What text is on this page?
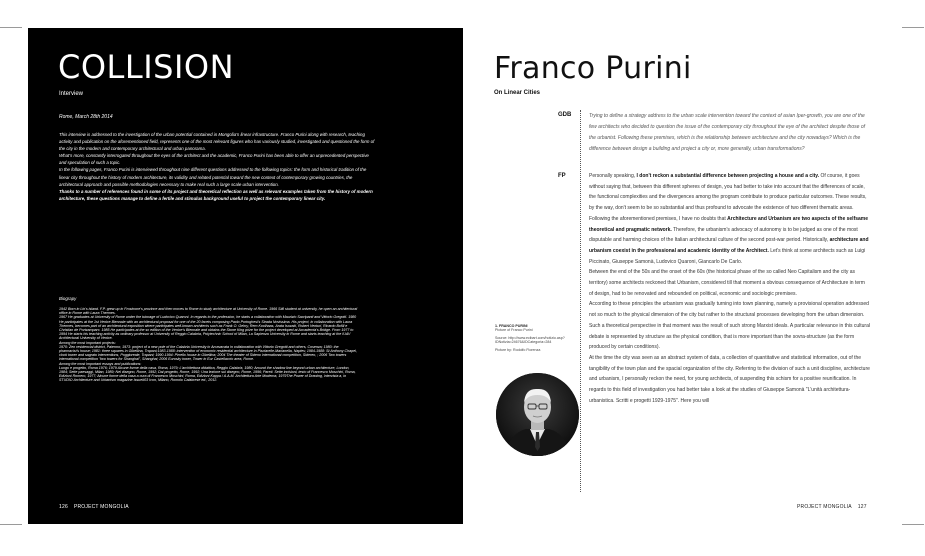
COLLISION
Interview
Rome, March 28th 2014

This interview is addressed to the investigation of the urban potential contained in Mongolia's linear infrastructure. Franco Purini along with research, teaching activity and publication on the aforementioned field, represents one of the most relevant figures who has variously studied, investigated and questioned the form of the city in the modern and contemporary architectural and urban panorama.

What's more, constantly interrogated throughout the eyes of the architect and the academic, Franco Purini has been able to offer an unprecedented perspective and speculation of such a topic.

In the following pages, Franco Purini is interviewed throughout nine different questions addressed to the following topics: the form and historical tradition of the linear city throughout the history of modern architecture, its validity and related potential toward the new context of contemporary growing countries, the architectural approach and possible methodologies necessary to make real such a large scale urban intervention.

Thanks to a number of references found in some of its project and theoretical reflection as well as relevant examples taken from the history of modern architecture, these questions manage to define a fertile and stimulus background useful to project the contemporary linear city.

Biograpy

1942 Born in Lin's island. F.P. grew up in Frosinone's province and then moves to Rome to study architecture at University of Rome. 1966 Still student at university, he open an architectural office in Rome with Laura Thermes.

1967 He graduates at University of Rome under the tutorage of Ludovico Quaroni. In regards to the profession, he starts a collaboration with Maurizio Sacripanti and Vittorio Gregotti. 1980 He participates at the 1st Venice Biennale with an architectural proposal for one of the 20 facets composing Paolo Portoghesi's Strada Novissima. His project, in collaboration with Laura Thermes, becomes part of an architectural exposition where participates well-known architects such as Frank O. Gehry, Rem Koolhaas, Arata Isozaki, Robert Venturi, Ricardo Bofill e Christian de Portzamparc. 1985 He participates at the sx edition of the Venice's Biennale and obtains the Stone King prize for the project developed at Accademia's Bridge. From 1977 to 1994 He starts his teaching activity as ordinary professor at University of Reggio Calabria, Polytechnic School of Milan, La Sapienza University in Rome and starts teaching at the IUAV Architectural University of Venice.

Among the most important projects:

1970: Zen residencial district, Palermo; 1973: project of a new pole of the Calabria University in Arcavacata in collaboration with Vittorio Gregotti and others, Cosenza; 1980: the pharmacist's house; 1981: three squares in Gibellina, Trapani;1983-1988: intervention of economic residential architecture in Pisciarelle-Marianella, Naples; 1984-1988: St Anthony Chapel, clock tower and sagrato interventions, Poggioreale, Trapani; 1990-1994: Pirrello house in Gibellina; 2004 The theater of Sideno international competition, Sidereo, ; 2006 Two towers international competition "two towers for Shanghai", Shanghai; 2006 Eurosky tower, Tower in Eur Castellaccio area, Rome.

Among the most important essays and publications:

Luogo e progetto, Roma 1976; 1979 Alcune forme della casa, Roma, 1979; L'architettura didattica, Reggio Calabria, 1980; Around the shadow line beyond urban architecture, London, 1984; Sette paesaggi, Milan, 1989; Nel disegno, Rome, 1992; Dal progetto, Rome, 1992; Una lezione sul disegno, Rome, 1996; Pareti. Sette incisioni, testo di Francesco Moschini, Roma, Edizioni Romero, 1977; Alcune forme della casa a cura di Francesco Moschini, Roma, Edizioni Kappa / A.A.M. Architettura Arte Moderna, 1979The Power of Drawing, intervista a, in STUDIO Architecture and Urbanism magazine Issue#03 Icon, Milano, Romolo Calabrese ed., 2012.

126 PROJECT MONGOLIA
Franco Purini
On Linear Cities
GDB	Trying to define a strategy address to the urban scale intervention toward the context of asian Iper-growth, you are one of the few architects who decided to question the issue of the contemporary city throughout the eye of the architect despite those of the urbanist. Following these premises, which is the relationship between architecture and the city nowadays? Which is the difference between design a building and project a city or, more generally, urban transformations?
FP	Personally speaking, I don't reckon a substantial difference between projecting a house and a city. Of course, it goes without saying that, between this different spheres of design, you had better to take into account that the differences of scale, the functional complexities and the divergences among the program contribute to produce particular outcomes. These results, by the way, don't seem to be so substantial and thus profound to advocate the existence of two different thematic areas. Following the aforementioned premises, I have no doubts that Architecture and Urbanism are two aspects of the selfsame theoretical and pragmatic network. Therefore, the urbanism's advocacy of autonomy is to be judged as one of the most disputable and harming choices of the Italian architectural culture of the second post-war period. Historically, architecture and urbanism coexist in the professional and academic identity of the Architect. Let's think at some architects such as Luigi Piccinato, Giuseppe Samonà, Ludovico Quaroni, Giancarlo De Carlo.

Between the end of the 50s and the onset of the 60s (the historical phase of the so called Neo Capitalism and the city as territory) some architects reckoned that Urbanism, considered till that moment a obvious consequence of Architecture in term of design, had to be renovated and rebounded on political, economic and sociologic premises.

According to these principles the urbanism was gradually turning into town planning, namely a provisional operation addressed not so much to the physical dimension of the city but rather to the structural processes developing from the urban dimension. Such a theoretical perspective in that moment was the result of such strong Marxist ideals. A particular relevance in this cultural debate is represented by structure as the physical condition, that is more important than the sovra-structure (as the form produced by certain conditions).

At the time the city was seen as an abstract system of data, a collection of quantitative and statistical information, out of the tangibility of the town plan and the spacial organization of the city. Referring to the division of such a unit discipline, architecture and urbanism, I personally reckon the need, for young architects, of suspending this schism for a positive reunification. In regards to this field of investigation you had better take a look at the studies of Giuseppe Samonà "L'unità architettura-urbanistica. Scritti e progetti 1929-1975". Here you will

1. FRANCO PURINI
Picture of Franco Purini

Source: http://www.ecibart.com/hotizio.asp?IDNotizia=24676&IDCategoria=284

Picture by: Rodolfo Fiorenza

PROJECT MONGOLIA 127
